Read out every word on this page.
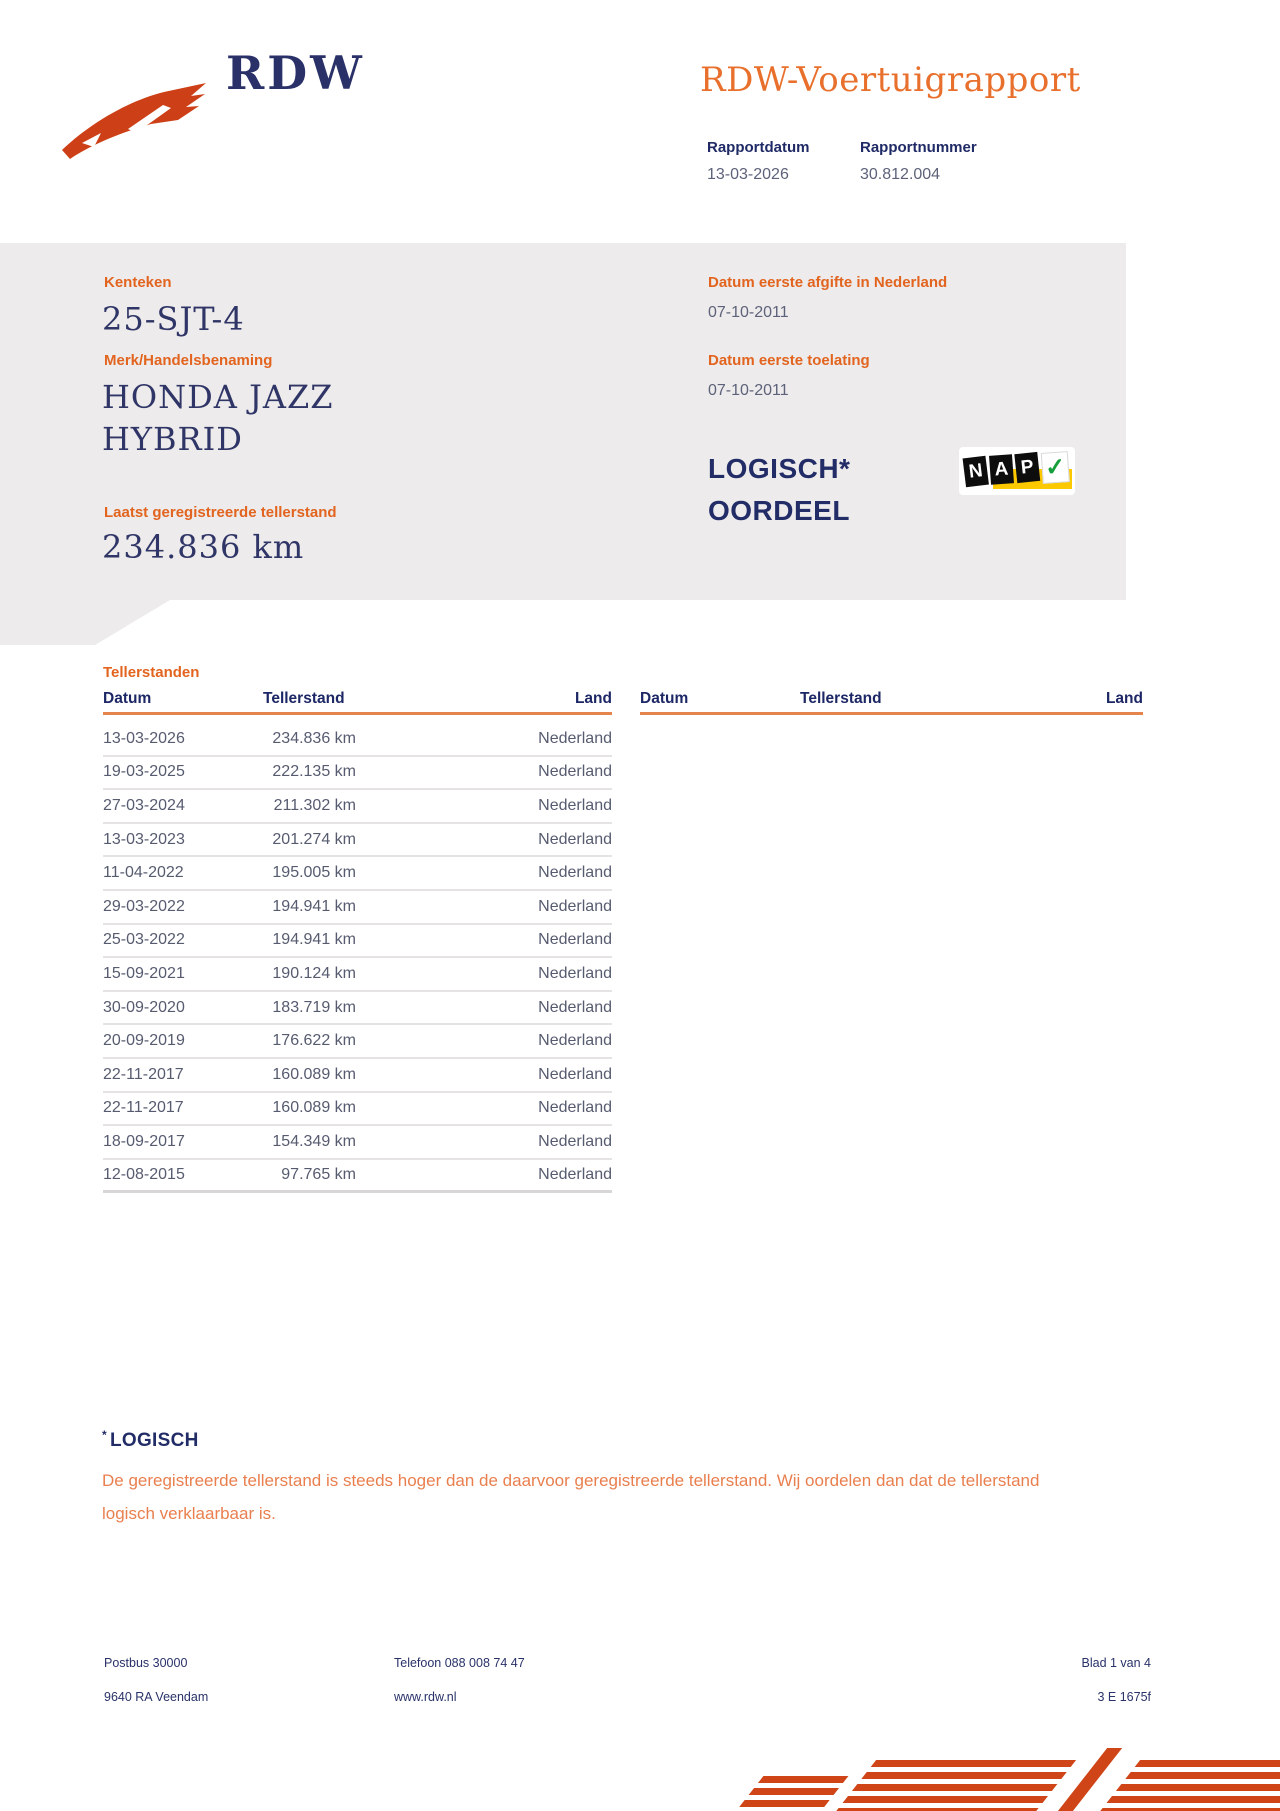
RDW	RDW-Voertuigrapport
Rapportdatum	Rapportnummer
13-03-2026	30.812.004
Kenteken
25-SJT-4
Merk/Handelsbenaming
HONDA JAZZ
HYBRID
Laatst geregistreerde tellerstand
234.836 km
Datum eerste afgifte in Nederland
07-10-2011
Datum eerste toelating
07-10-2011
LOGISCH*
OORDEEL
N A P ✓
Tellerstanden
Datum	Tellerstand	Land
13-03-2026	234.836 km	Nederland
19-03-2025	222.135 km	Nederland
27-03-2024	211.302 km	Nederland
13-03-2023	201.274 km	Nederland
11-04-2022	195.005 km	Nederland
29-03-2022	194.941 km	Nederland
25-03-2022	194.941 km	Nederland
15-09-2021	190.124 km	Nederland
30-09-2020	183.719 km	Nederland
20-09-2019	176.622 km	Nederland
22-11-2017	160.089 km	Nederland
22-11-2017	160.089 km	Nederland
18-09-2017	154.349 km	Nederland
12-08-2015	97.765 km	Nederland
Datum	Tellerstand	Land
* LOGISCH
De geregistreerde tellerstand is steeds hoger dan de daarvoor geregistreerde tellerstand. Wij oordelen dan dat de tellerstand logisch verklaarbaar is.
Postbus 30000
9640 RA Veendam
Telefoon 088 008 74 47
www.rdw.nl
Blad 1 van 4
3 E 1675f
